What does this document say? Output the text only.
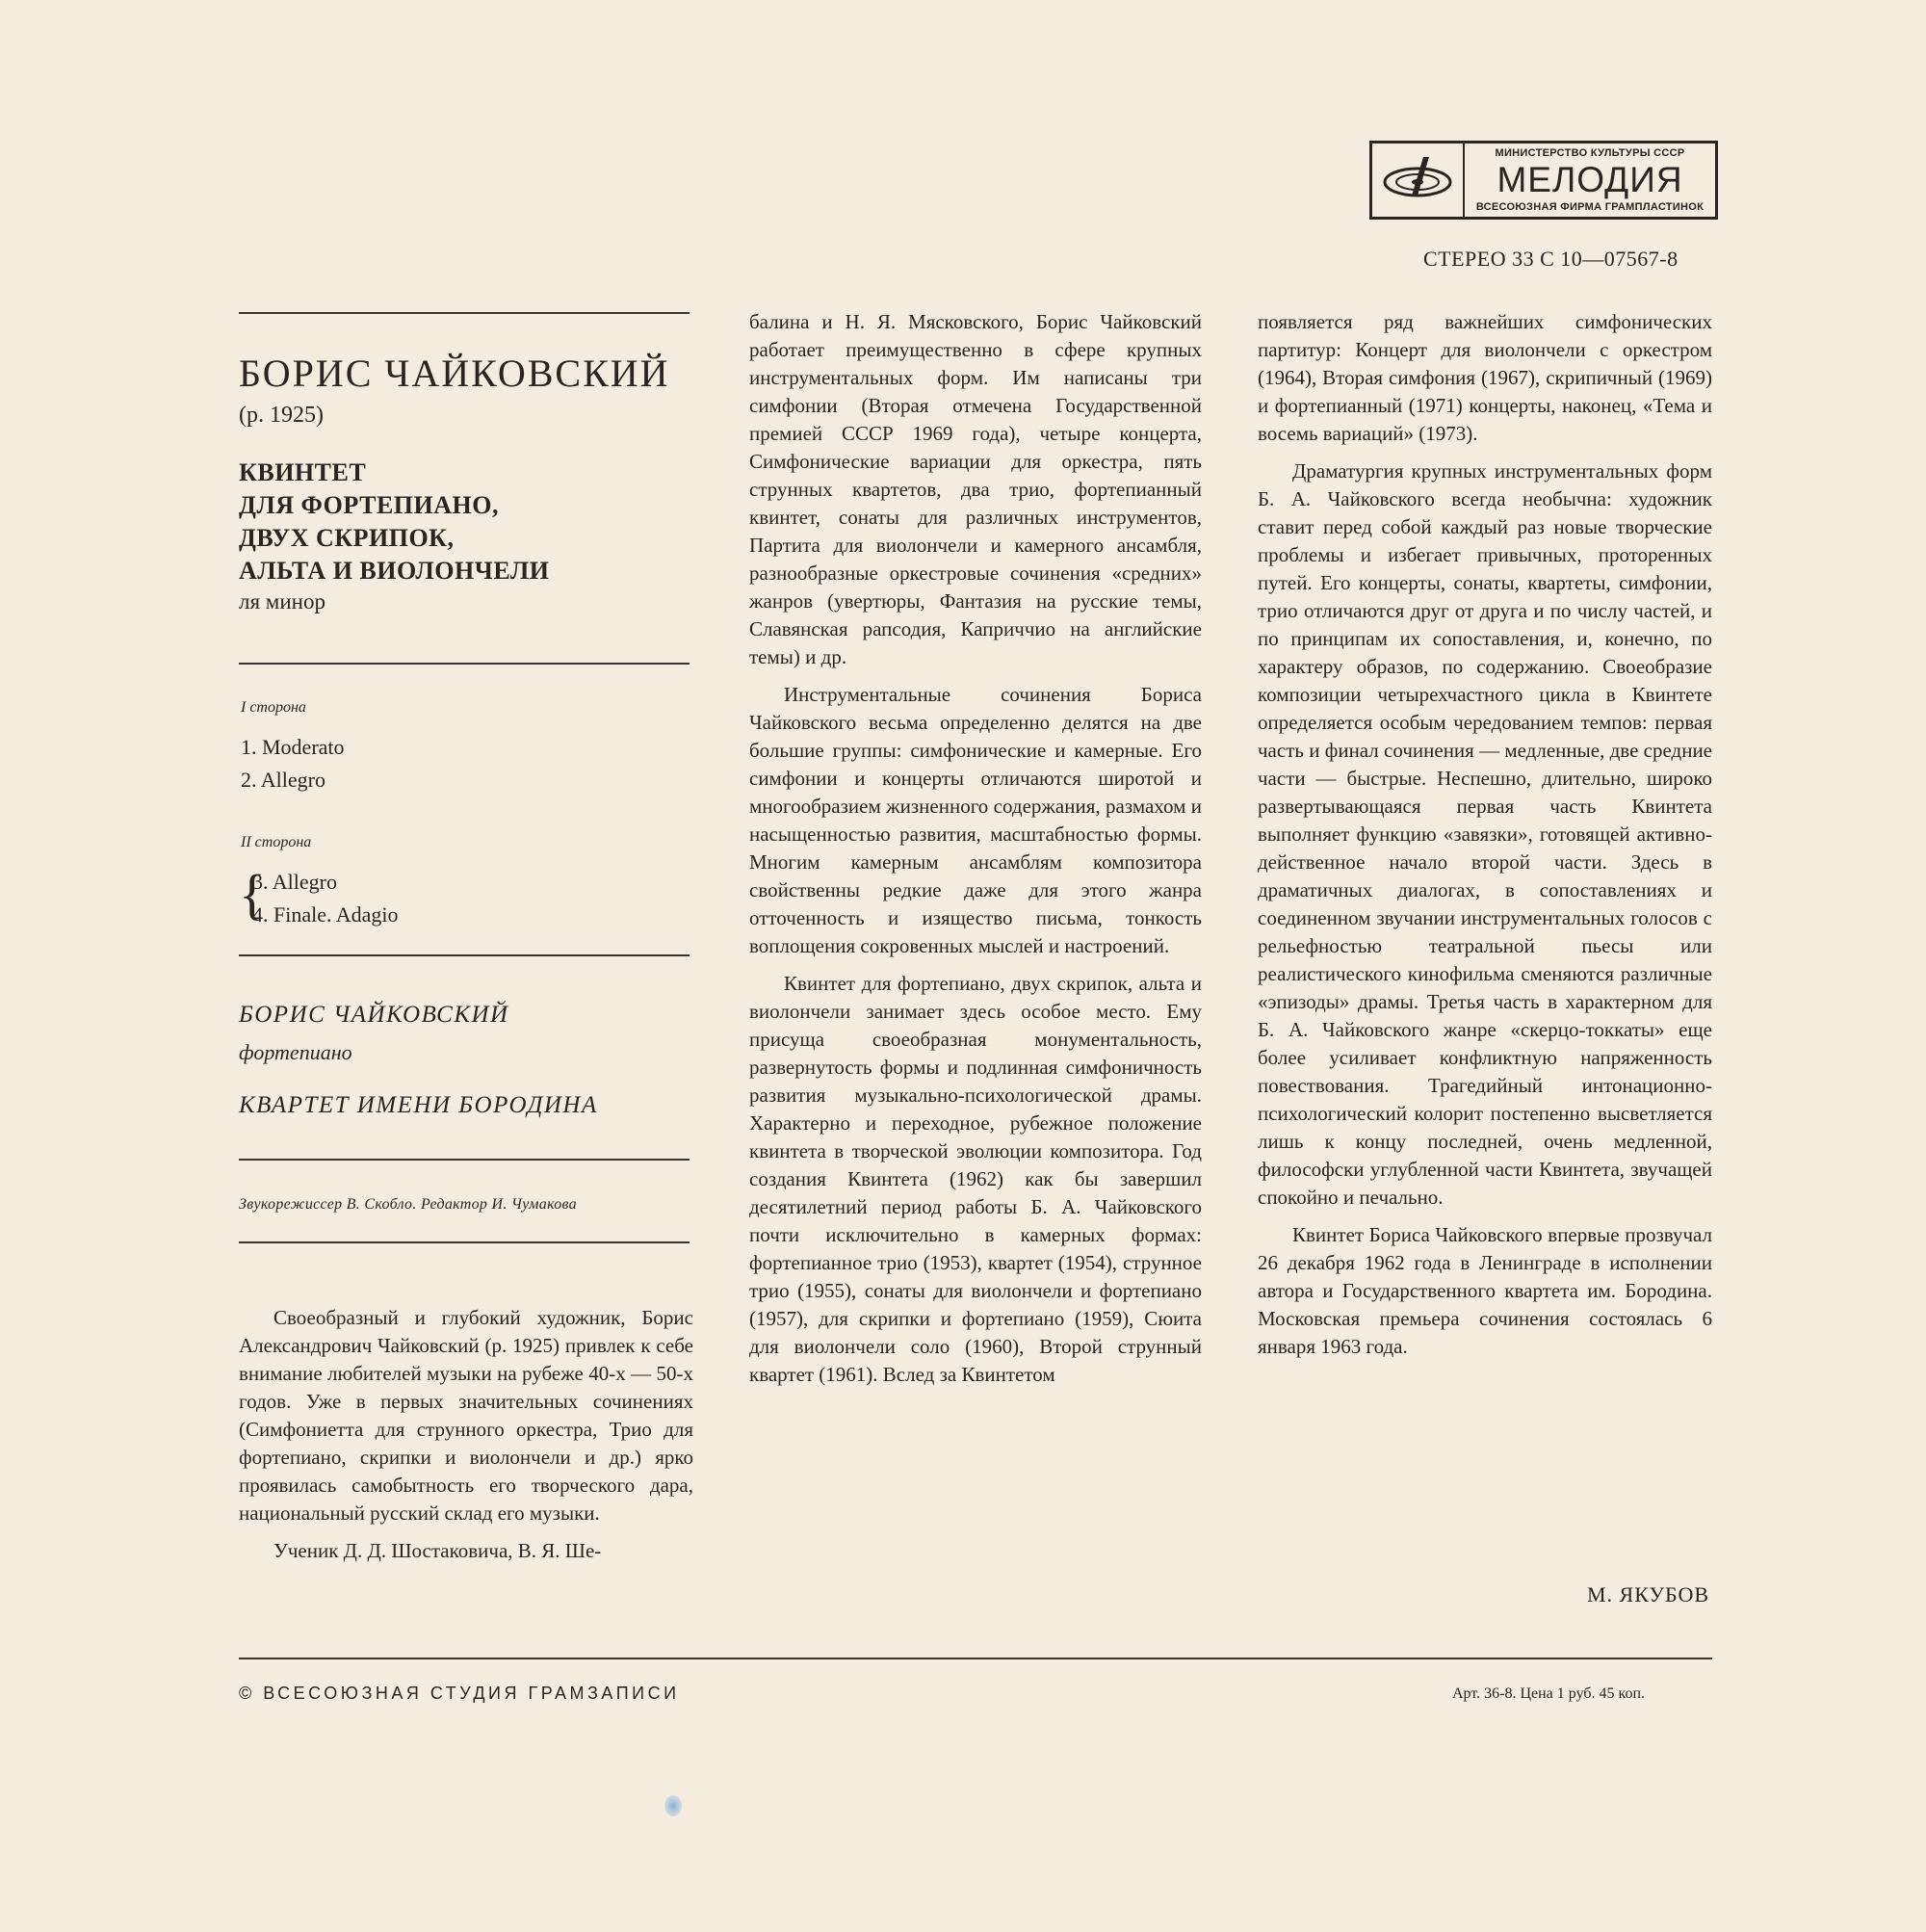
МИНИСТЕРСТВО КУЛЬТУРЫ СССР
МЕЛОДИЯ
ВСЕСОЮЗНАЯ ФИРМА ГРАМПЛАСТИНОК
СТЕРЕО 33 С 10—07567-8
БОРИС ЧАЙКОВСКИЙ
(р. 1925)
КВИНТЕТ
ДЛЯ ФОРТЕПИАНО,
ДВУХ СКРИПОК,
АЛЬТА И ВИОЛОНЧЕЛИ
ля минор
I сторона
1. Moderato
2. Allegro
II сторона
{
3. Allegro
4. Finale. Adagio
БОРИС ЧАЙКОВСКИЙ
фортепиано
КВАРТЕТ ИМЕНИ БОРОДИНА
Звукорежиссер В. Скобло. Редактор И. Чумакова

Своеобразный и глубокий художник, Борис Александрович Чайковский (р. 1925) привлек к себе внимание любителей музыки на рубеже 40-х — 50-х годов. Уже в первых значительных сочинениях (Симфониетта для струнного оркестра, Трио для фортепиано, скрипки и виолончели и др.) ярко проявилась самобытность его творческого дара, национальный русский склад его музыки.

Ученик Д. Д. Шостаковича, В. Я. Ше-

балина и Н. Я. Мясковского, Борис Чайковский работает преимущественно в сфере крупных инструментальных форм. Им написаны три симфонии (Вторая отмечена Государственной премией СССР 1969 года), четыре концерта, Симфонические вариации для оркестра, пять струнных квартетов, два трио, фортепианный квинтет, сонаты для различных инструментов, Партита для виолончели и камерного ансамбля, разнообразные оркестровые сочинения «средних» жанров (увертюры, Фантазия на русские темы, Славянская рапсодия, Каприччио на английские темы) и др.

Инструментальные сочинения Бориса Чайковского весьма определенно делятся на две большие группы: симфонические и камерные. Его симфонии и концерты отличаются широтой и многообразием жизненного содержания, размахом и насыщенностью развития, масштабностью формы. Многим камерным ансамблям композитора свойственны редкие даже для этого жанра отточенность и изящество письма, тонкость воплощения сокровенных мыслей и настроений.

Квинтет для фортепиано, двух скрипок, альта и виолончели занимает здесь особое место. Ему присуща своеобразная монументальность, развернутость формы и подлинная симфоничность развития музыкально-психологической драмы. Характерно и переходное, рубежное положение квинтета в творческой эволюции композитора. Год создания Квинтета (1962) как бы завершил десятилетний период работы Б. А. Чайковского почти исключительно в камерных формах: фортепианное трио (1953), квартет (1954), струнное трио (1955), сонаты для виолончели и фортепиано (1957), для скрипки и фортепиано (1959), Сюита для виолончели соло (1960), Второй струнный квартет (1961). Вслед за Квинтетом

появляется ряд важнейших симфонических партитур: Концерт для виолончели с оркестром (1964), Вторая симфония (1967), скрипичный (1969) и фортепианный (1971) концерты, наконец, «Тема и восемь вариаций» (1973).

Драматургия крупных инструментальных форм Б. А. Чайковского всегда необычна: художник ставит перед собой каждый раз новые творческие проблемы и избегает привычных, проторенных путей. Его концерты, сонаты, квартеты, симфонии, трио отличаются друг от друга и по числу частей, и по принципам их сопоставления, и, конечно, по характеру образов, по содержанию. Своеобразие композиции четырехчастного цикла в Квинтете определяется особым чередованием темпов: первая часть и финал сочинения — медленные, две средние части — быстрые. Неспешно, длительно, широко развертывающаяся первая часть Квинтета выполняет функцию «завязки», готовящей активно-действенное начало второй части. Здесь в драматичных диалогах, в сопоставлениях и соединенном звучании инструментальных голосов с рельефностью театральной пьесы или реалистического кинофильма сменяются различные «эпизоды» драмы. Третья часть в характерном для Б. А. Чайковского жанре «скерцо-токкаты» еще более усиливает конфликтную напряженность повествования. Трагедийный интонационно-психологический колорит постепенно высветляется лишь к концу последней, очень медленной, философски углубленной части Квинтета, звучащей спокойно и печально.

Квинтет Бориса Чайковского впервые прозвучал 26 декабря 1962 года в Ленинграде в исполнении автора и Государственного квартета им. Бородина. Московская премьера сочинения состоялась 6 января 1963 года.

М. ЯКУБОВ
© ВСЕСОЮЗНАЯ СТУДИЯ ГРАМЗАПИСИ	Арт. 36-8. Цена 1 руб. 45 коп.
